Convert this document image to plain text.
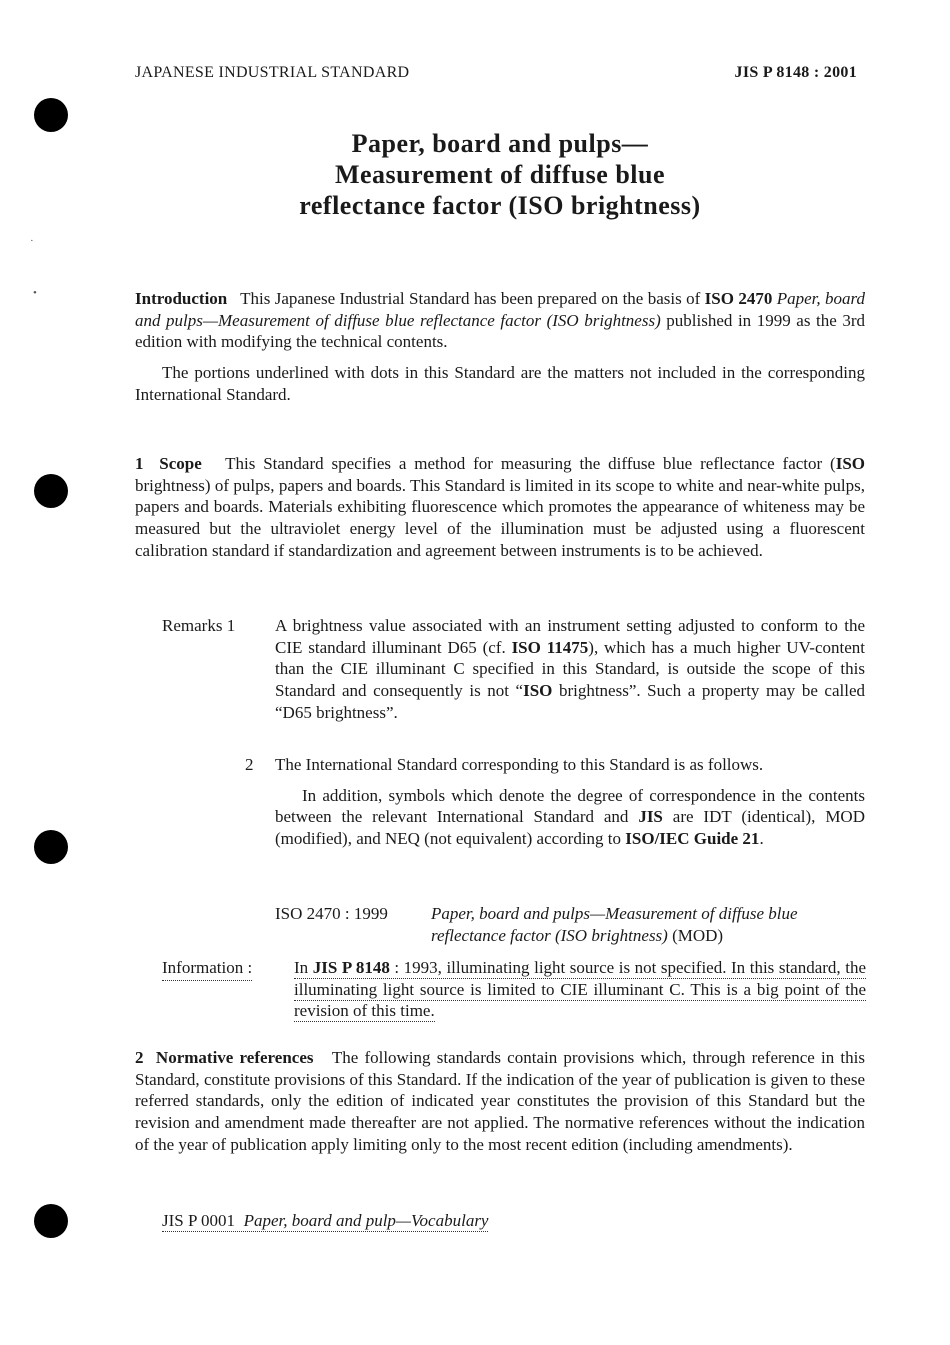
·
•
JAPANESE INDUSTRIAL STANDARD	JIS P 8148 : 2001
Paper, board and pulps—
Measurement of diffuse blue
reflectance factor (ISO brightness)

Introduction This Japanese Industrial Standard has been prepared on the basis of ISO 2470 Paper, board and pulps—Measurement of diffuse blue reflectance factor (ISO brightness) published in 1999 as the 3rd edition with modifying the technical contents.

The portions underlined with dots in this Standard are the matters not included in the corresponding International Standard.

1 Scope This Standard specifies a method for measuring the diffuse blue reflectance factor (ISO brightness) of pulps, papers and boards. This Standard is limited in its scope to white and near-white pulps, papers and boards. Materials exhibiting fluorescence which promotes the appearance of whiteness may be measured but the ultraviolet energy level of the illumination must be adjusted using a fluorescent calibration standard if standardization and agreement between instruments is to be achieved.

Remarks 1 A brightness value associated with an instrument setting adjusted to conform to the CIE standard illuminant D65 (cf. ISO 11475), which has a much higher UV-content than the CIE illuminant C specified in this Standard, is outside the scope of this Standard and consequently is not “ISO brightness”. Such a property may be called “D65 brightness”.
2 The International Standard corresponding to this Standard is as follows.

In addition, symbols which denote the degree of correspondence in the contents between the relevant International Standard and JIS are IDT (identical), MOD (modified), and NEQ (not equivalent) according to ISO/IEC Guide 21.

ISO 2470 : 1999	Paper, board and pulps—Measurement of diffuse blue reflectance factor (ISO brightness) (MOD)
Information : In JIS P 8148 : 1993, illuminating light source is not specified. In this standard, the illuminating light source is limited to CIE illuminant C. This is a big point of the revision of this time.

2 Normative references The following standards contain provisions which, through reference in this Standard, constitute provisions of this Standard. If the indication of the year of publication is given to these referred standards, only the edition of indicated year constitutes the provision of this Standard but the revision and amendment made thereafter are not applied. The normative references without the indication of the year of publication apply limiting only to the most recent edition (including amendments).

JIS P 0001 Paper, board and pulp—Vocabulary
